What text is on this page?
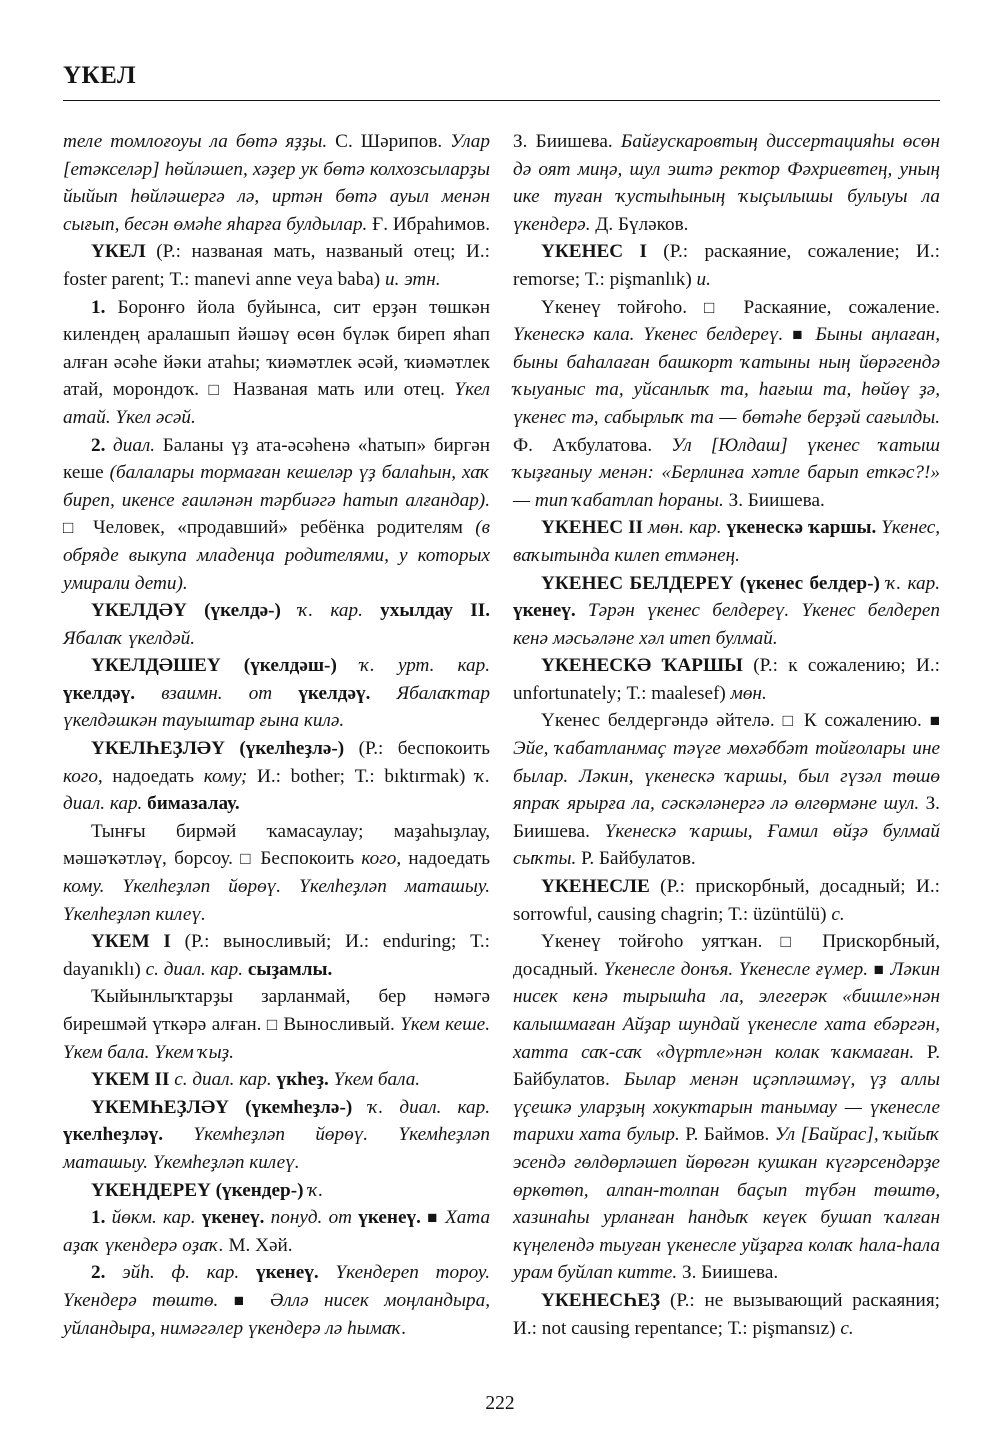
ҮКЕЛ

теле томлоғоуы ла бөтә яҙҙы. С. Шәрипов. Улар [етәкселәр] һөйләшеп, хәҙер ук бөтә колхозсыларҙы йыйып һөйләшергә лә, иртән бөтә ауыл менән сығып, бесән өмәһе яһарға булдылар. Ғ. Ибраһимов.

ҮКЕЛ (Р.: названая мать, названый отец; И.: foster parent; Т.: manevi anne veya baba) и. этн.

1. Боронғо йола буйынса, сит ерҙән төшкән килендең аралашып йәшәү өсөн бүләк биреп яһап алған әсәһе йәки атаһы; ҡиәмәтлек әсәй, ҡиәмәтлек атай, морондоҡ. □ Названая мать или отец. Үкел атай. Үкел әсәй.

2. диал. Баланы үҙ ата-әсәһенә «һатып» биргән кеше (балалары тормаған кешеләр үҙ балаһын, хаҡ биреп, икенсе ғаиләнән тәрбиәгә һатып алғандар). □ Человек, «продавший» ребёнка родителям (в обряде выкупа младенца родителями, у которых умирали дети).

ҮКЕЛДӘҮ (үкелдә-) ҡ. кар. ухылдау II. Ябалаҡ үкелдәй.

ҮКЕЛДӘШЕҮ (үкелдәш-) ҡ. урт. кар. үкелдәү. взаимн. от үкелдәү. Ябалаҡтар үкелдәшкән тауыштар ғына килә.

ҮКЕЛҺЕҘЛӘҮ (үкелһеҙлә-) (Р.: беспокоить кого, надоедать кому; И.: bother; Т.: bıktırmak) ҡ. диал. кар. бимазалау.

Тынғы бирмәй ҡамасаулау; маҙаһыҙлау, мәшәҡәтләү, борсоу. □ Беспокоить кого, надоедать кому. Үкелһеҙләп йөрөү. Үкелһеҙләп маташыу. Үкелһеҙләп килеү.

ҮКЕМ I (Р.: выносливый; И.: enduring; Т.: dayanıklı) с. диал. кар. сыҙамлы.

Ҡыйынлыҡтарҙы зарланмай, бер нәмәгә бирешмәй үткәрә алған. □ Выносливый. Үкем кеше. Үкем бала. Үкем ҡыҙ.

ҮКЕМ II с. диал. кар. үкһеҙ. Үкем бала.

ҮКЕМҺЕҘЛӘҮ (үкемһеҙлә-) ҡ. диал. кар. үкелһеҙләү. Үкемһеҙләп йөрөү. Үкемһеҙләп маташыу. Үкемһеҙләп килеү.

ҮКЕНДЕРЕҮ (үкендер-) ҡ.

1. йөкм. кар. үкенеү. понуд. от үкенеү. ■ Хата аҙаҡ үкендерә оҙаҡ. М. Хәй.

2. эйһ. ф. кар. үкенеү. Үкендереп тороу. Үкендерә төштө. ■ Әллә нисек моңландыра, уйландыра, нимәгәлер үкендерә лә һымаҡ.

З. Биишева. Байғускаровтың диссертацияһы өсөн дә оят миңә, шул эштә ректор Фәхриевтең, уның ике туған ҡустыһының ҡыҫылышы булыуы ла үкендерә. Д. Бүләков.

ҮКЕНЕС I (Р.: раскаяние, сожаление; И.: remorse; Т.: pişmanlık) и.

Үкенеү тойғоһо. □ Раскаяние, сожаление. Үкенескә кала. Үкенес белдереү. ■ Быны аңлаған, быны баһалаған башкорт ҡатыны ның йөрәгендә ҡыуаныс та, уйсанлыҡ та, һағыш та, һөйөү ҙә, үкенес тә, сабырлыҡ та — бөтәһе берҙәй сағылды. Ф. Аҡбулатова. Ул [Юлдаш] үкенес ҡатыш ҡыҙғаныу менән: «Берлинға хәтле барып еткәс?!» — тип ҡабатлап һораны. З. Биишева.

ҮКЕНЕС II мөн. кар. үкенескә ҡаршы. Үкенес, ваҡытында килеп етмәнең.

ҮКЕНЕС БЕЛДЕРЕҮ (үкенес белдер-) ҡ. кар. үкенеү. Тәрән үкенес белдереү. Үкенес белдереп кенә мәсьәләне хәл итеп булмай.

ҮКЕНЕСКӘ ҠАРШЫ (Р.: к сожалению; И.: unfortunately; Т.: maalesef) мөн.

Үкенес белдергәндә әйтелә. □ К сожалению. ■ Эйе, ҡабатланмаҫ тәүге мөхәббәт тойғолары ине былар. Ләкин, үкенескә ҡаршы, был гүзәл төшө япраҡ ярырға ла, сәскәләнергә лә өлгөрмәне шул. З. Биишева. Үкенескә ҡаршы, Ғамил өйҙә булмай сыҡты. Р. Байбулатов.

ҮКЕНЕСЛЕ (Р.: прискорбный, досадный; И.: sorrowful, causing chagrin; Т.: üzüntülü) с.

Үкенеү тойғоһо уятҡан. □ Прискорбный, досадный. Үкенесле донъя. Үкенесле ғүмер. ■ Ләкин нисек кенә тырышһа ла, элегерәк «бишле»нән калышмаған Айҙар шундай үкенесле хата ебәргән, хатта саҡ-саҡ «дүртле»нән колак ҡакмаған. Р. Байбулатов. Былар менән иҫәпләшмәү, үҙ аллы үҫешкә уларҙың хокуктарын танымау — үкенесле тарихи хата булыр. Р. Баймов. Ул [Байрас], ҡыйыҡ эсендә гөлдөрләшеп йөрөгән кушкан күгәрсендәрҙе өркөтөп, алпан-толпан баҫып түбән төштө, хазинаһы урланған һандыҡ кеүек бушап ҡалған күңелендә тыуған үкенесле уйҙарға колаҡ һала-һала урам буйлап китте. З. Биишева.

ҮКЕНЕСҺЕҘ (Р.: не вызывающий раскаяния; И.: not causing repentance; Т.: pişmansız) с.

222
